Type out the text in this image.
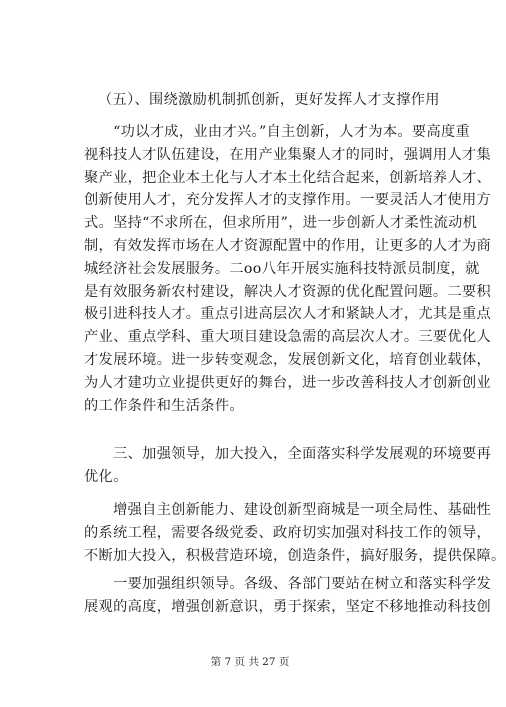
（五）、围绕激励机制抓创新，更好发挥人才支撑作用

　　“功以才成，业由才兴。”自主创新，人才为本。要高度重
视科技人才队伍建设，在用产业集聚人才的同时，强调用人才集
聚产业，把企业本土化与人才本土化结合起来，创新培养人才、
创新使用人才，充分发挥人才的支撑作用。一要灵活人才使用方
式。坚持“不求所在，但求所用”，进一步创新人才柔性流动机
制，有效发挥市场在人才资源配置中的作用，让更多的人才为商
城经济社会发展服务。二oo八年开展实施科技特派员制度，就
是有效服务新农村建设，解决人才资源的优化配置问题。二要积
极引进科技人才。重点引进高层次人才和紧缺人才，尤其是重点
产业、重点学科、重大项目建设急需的高层次人才。三要优化人
才发展环境。进一步转变观念，发展创新文化，培育创业载体，
为人才建功立业提供更好的舞台，进一步改善科技人才创新创业
的工作条件和生活条件。

　　三、加强领导，加大投入，全面落实科学发展观的环境要再
优化。

　　增强自主创新能力、建设创新型商城是一项全局性、基础性
的系统工程，需要各级党委、政府切实加强对科技工作的领导，
不断加大投入，积极营造环境，创造条件，搞好服务，提供保障。

　　一要加强组织领导。各级、各部门要站在树立和落实科学发
展观的高度，增强创新意识，勇于探索，坚定不移地推动科技创

第 7 页 共 27 页
